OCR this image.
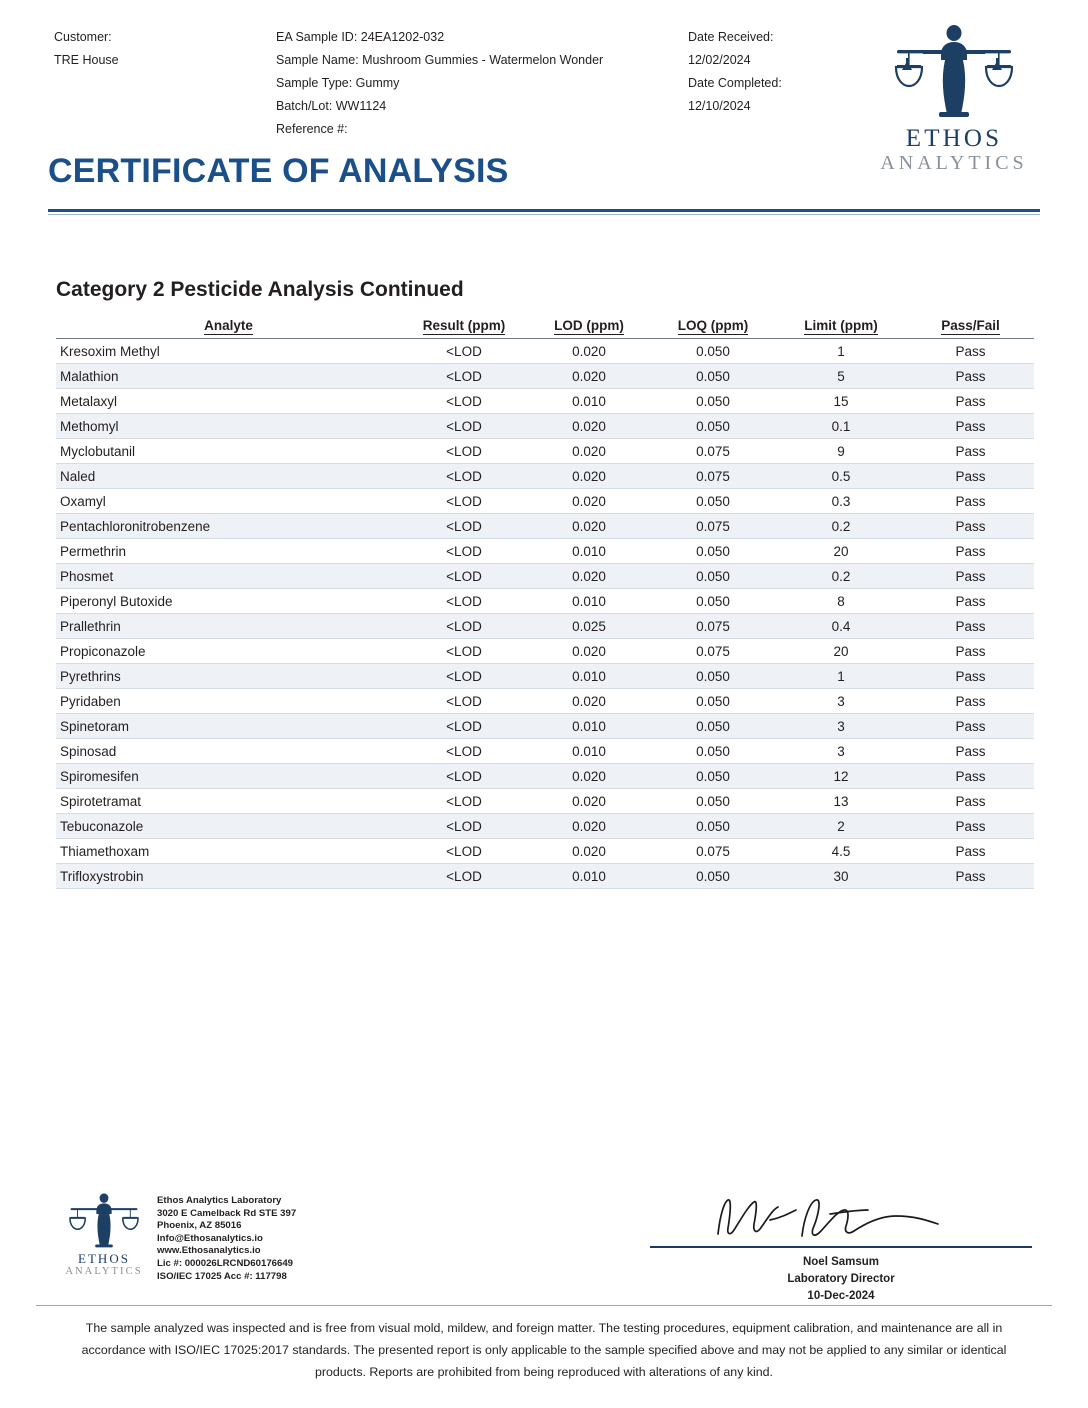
Customer:
TRE House
EA Sample ID: 24EA1202-032
Sample Name: Mushroom Gummies - Watermelon Wonder
Sample Type: Gummy
Batch/Lot: WW1124
Reference #:
Date Received:
12/02/2024
Date Completed:
12/10/2024
ETHOS
ANALYTICS
CERTIFICATE OF ANALYSIS
Category 2 Pesticide Analysis Continued
Analyte	Result (ppm)	LOD (ppm)	LOQ (ppm)	Limit (ppm)	Pass/Fail
Kresoxim Methyl	<LOD	0.020	0.050	1	Pass
Malathion	<LOD	0.020	0.050	5	Pass
Metalaxyl	<LOD	0.010	0.050	15	Pass
Methomyl	<LOD	0.020	0.050	0.1	Pass
Myclobutanil	<LOD	0.020	0.075	9	Pass
Naled	<LOD	0.020	0.075	0.5	Pass
Oxamyl	<LOD	0.020	0.050	0.3	Pass
Pentachloronitrobenzene	<LOD	0.020	0.075	0.2	Pass
Permethrin	<LOD	0.010	0.050	20	Pass
Phosmet	<LOD	0.020	0.050	0.2	Pass
Piperonyl Butoxide	<LOD	0.010	0.050	8	Pass
Prallethrin	<LOD	0.025	0.075	0.4	Pass
Propiconazole	<LOD	0.020	0.075	20	Pass
Pyrethrins	<LOD	0.010	0.050	1	Pass
Pyridaben	<LOD	0.020	0.050	3	Pass
Spinetoram	<LOD	0.010	0.050	3	Pass
Spinosad	<LOD	0.010	0.050	3	Pass
Spiromesifen	<LOD	0.020	0.050	12	Pass
Spirotetramat	<LOD	0.020	0.050	13	Pass
Tebuconazole	<LOD	0.020	0.050	2	Pass
Thiamethoxam	<LOD	0.020	0.075	4.5	Pass
Trifloxystrobin	<LOD	0.010	0.050	30	Pass
ETHOS
ANALYTICS
Ethos Analytics Laboratory
3020 E Camelback Rd STE 397
Phoenix, AZ 85016
Info@Ethosanalytics.io
www.Ethosanalytics.io
Lic #: 000026LRCND60176649
ISO/IEC 17025 Acc #: 117798
Noel Samsum
Laboratory Director
10-Dec-2024
The sample analyzed was inspected and is free from visual mold, mildew, and foreign matter. The testing procedures, equipment calibration, and maintenance are all in accordance with ISO/IEC 17025:2017 standards. The presented report is only applicable to the sample specified above and may not be applied to any similar or identical products. Reports are prohibited from being reproduced with alterations of any kind.
